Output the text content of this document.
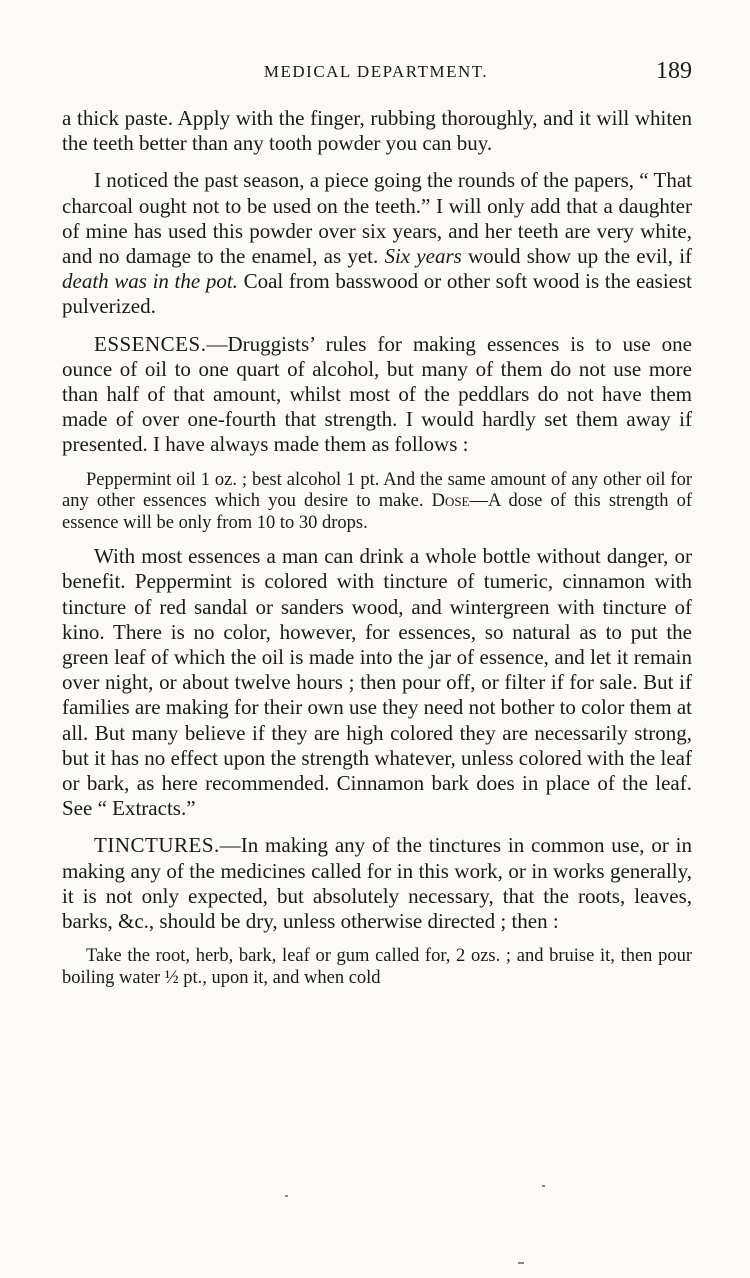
MEDICAL DEPARTMENT.	189

a thick paste. Apply with the finger, rubbing thoroughly, and it will whiten the teeth better than any tooth powder you can buy.

I noticed the past season, a piece going the rounds of the papers, “ That charcoal ought not to be used on the teeth.” I will only add that a daughter of mine has used this powder over six years, and her teeth are very white, and no damage to the enamel, as yet. Six years would show up the evil, if death was in the pot. Coal from basswood or other soft wood is the easiest pulverized.

ESSENCES.—Druggists’ rules for making essences is to use one ounce of oil to one quart of alcohol, but many of them do not use more than half of that amount, whilst most of the peddlars do not have them made of over one-fourth that strength. I would hardly set them away if presented. I have always made them as follows :

Peppermint oil 1 oz. ; best alcohol 1 pt. And the same amount of any other oil for any other essences which you desire to make. Dose—A dose of this strength of essence will be only from 10 to 30 drops.

With most essences a man can drink a whole bottle without danger, or benefit. Peppermint is colored with tincture of tumeric, cinnamon with tincture of red sandal or sanders wood, and wintergreen with tincture of kino. There is no color, however, for essences, so natural as to put the green leaf of which the oil is made into the jar of essence, and let it remain over night, or about twelve hours ; then pour off, or filter if for sale. But if families are making for their own use they need not bother to color them at all. But many believe if they are high colored they are necessarily strong, but it has no effect upon the strength whatever, unless colored with the leaf or bark, as here recommended. Cinnamon bark does in place of the leaf. See “ Extracts.”

TINCTURES.—In making any of the tinctures in common use, or in making any of the medicines called for in this work, or in works generally, it is not only expected, but absolutely necessary, that the roots, leaves, barks, &c., should be dry, unless otherwise directed ; then :

Take the root, herb, bark, leaf or gum called for, 2 ozs. ; and bruise it, then pour boiling water ½ pt., upon it, and when cold
